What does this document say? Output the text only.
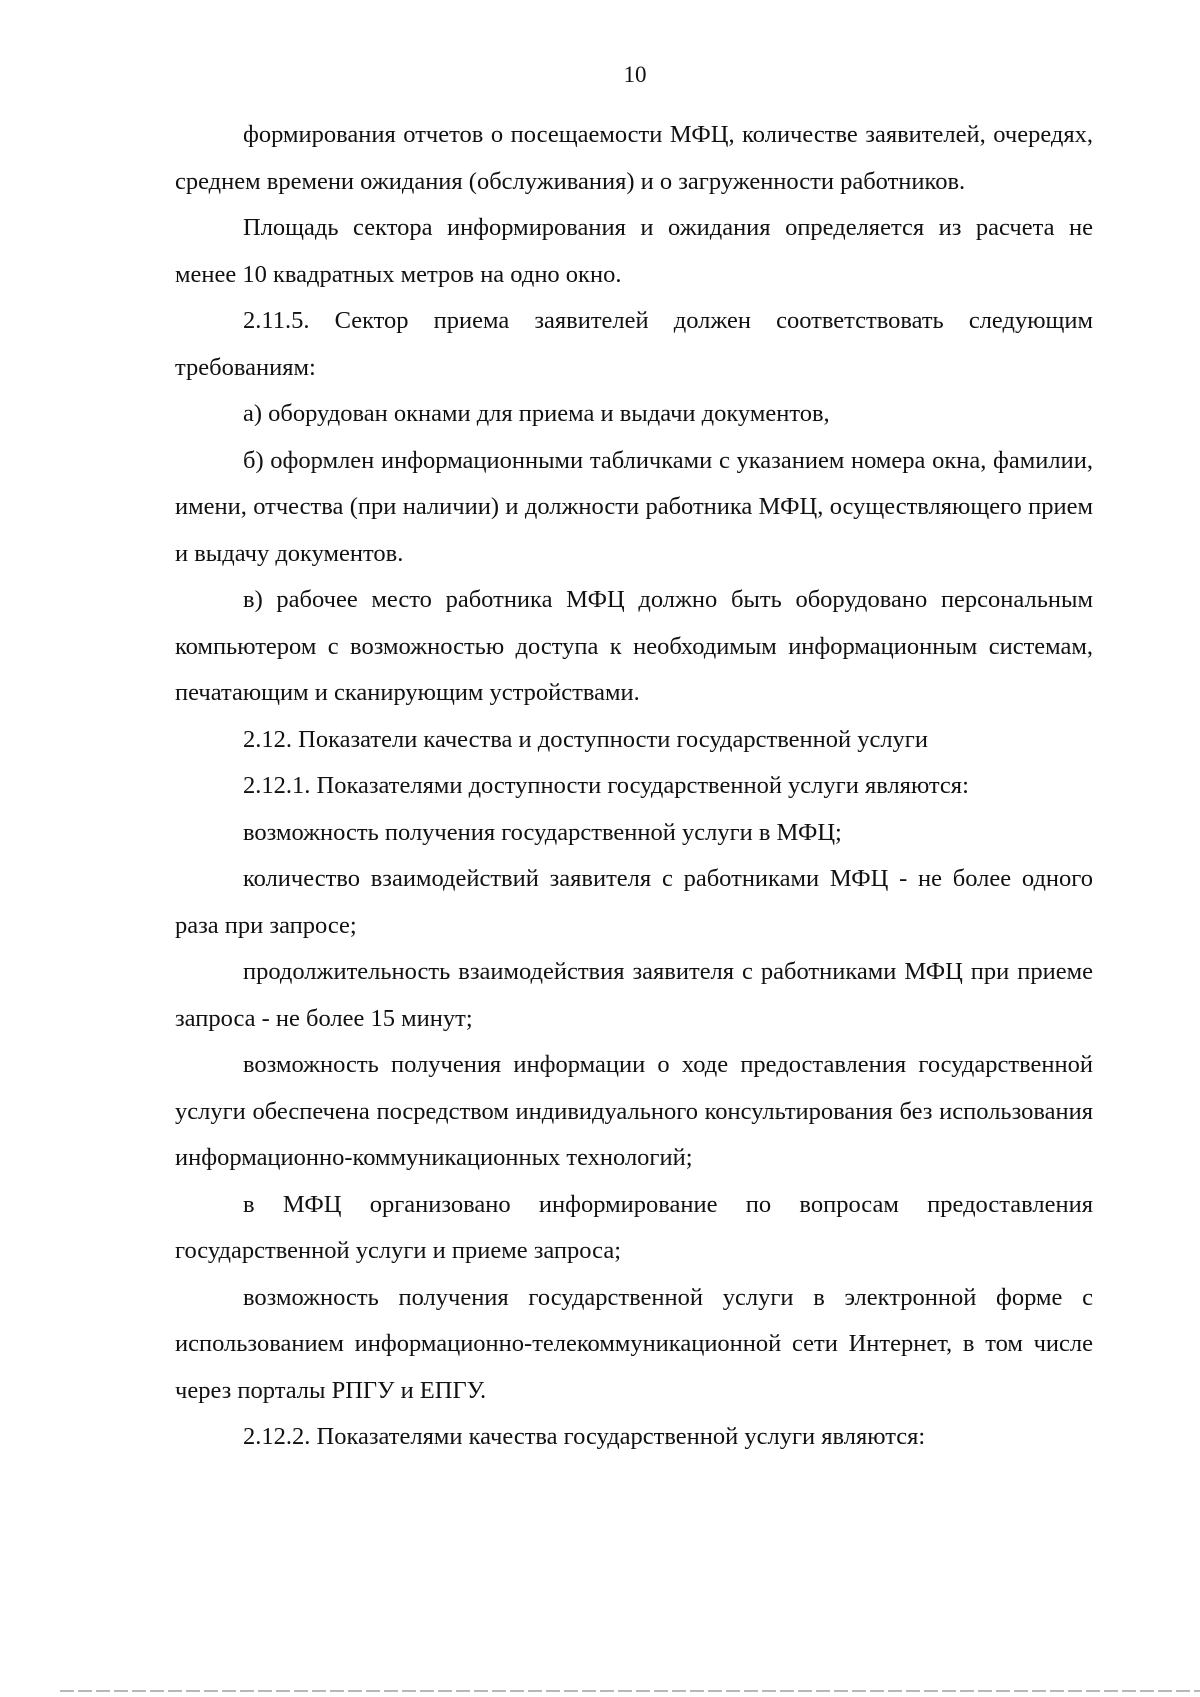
10

формирования отчетов о посещаемости МФЦ, количестве заявителей, очередях, среднем времени ожидания (обслуживания) и о загруженности работников.

Площадь сектора информирования и ожидания определяется из расчета не менее 10 квадратных метров на одно окно.

2.11.5. Сектор приема заявителей должен соответствовать следующим требованиям:

а) оборудован окнами для приема и выдачи документов,

б) оформлен информационными табличками с указанием номера окна, фамилии, имени, отчества (при наличии) и должности работника МФЦ, осуществляющего прием и выдачу документов.

в) рабочее место работника МФЦ должно быть оборудовано персональным компьютером с возможностью доступа к необходимым информационным системам, печатающим и сканирующим устройствами.

2.12. Показатели качества и доступности государственной услуги

2.12.1. Показателями доступности государственной услуги являются:

возможность получения государственной услуги в МФЦ;

количество взаимодействий заявителя с работниками МФЦ - не более одного раза при запросе;

продолжительность взаимодействия заявителя с работниками МФЦ при приеме запроса - не более 15 минут;

возможность получения информации о ходе предоставления государственной услуги обеспечена посредством индивидуального консультирования без использования информационно-коммуникационных технологий;

в МФЦ организовано информирование по вопросам предоставления государственной услуги и приеме запроса;

возможность получения государственной услуги в электронной форме с использованием информационно-телекоммуникационной сети Интернет, в том числе через порталы РПГУ и ЕПГУ.

2.12.2. Показателями качества государственной услуги являются:
